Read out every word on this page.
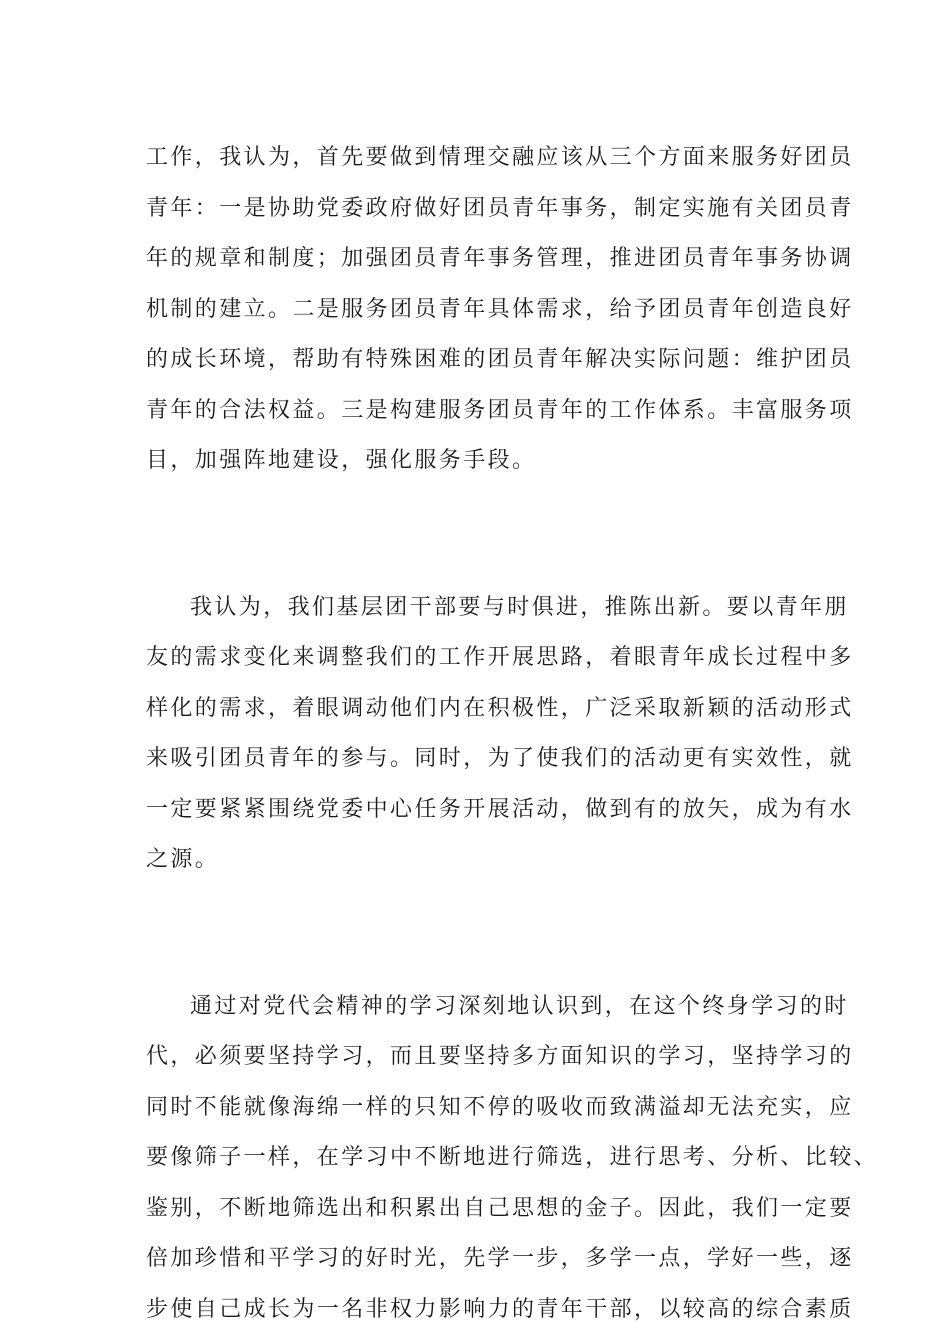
工作，我认为，首先要做到情理交融应该从三个方面来服务好团员
青年：一是协助党委政府做好团员青年事务，制定实施有关团员青
年的规章和制度；加强团员青年事务管理，推进团员青年事务协调
机制的建立。二是服务团员青年具体需求，给予团员青年创造良好
的成长环境，帮助有特殊困难的团员青年解决实际问题：维护团员
青年的合法权益。三是构建服务团员青年的工作体系。丰富服务项
目，加强阵地建设，强化服务手段。
我认为，我们基层团干部要与时俱进，推陈出新。要以青年朋
友的需求变化来调整我们的工作开展思路，着眼青年成长过程中多
样化的需求，着眼调动他们内在积极性，广泛采取新颖的活动形式
来吸引团员青年的参与。同时，为了使我们的活动更有实效性，就
一定要紧紧围绕党委中心任务开展活动，做到有的放矢，成为有水
之源。
通过对党代会精神的学习深刻地认识到，在这个终身学习的时
代，必须要坚持学习，而且要坚持多方面知识的学习，坚持学习的
同时不能就像海绵一样的只知不停的吸收而致满溢却无法充实，应
要像筛子一样，在学习中不断地进行筛选，进行思考、分析、比较、
鉴别，不断地筛选出和积累出自己思想的金子。因此，我们一定要
倍加珍惜和平学习的好时光，先学一步，多学一点，学好一些，逐
步使自己成长为一名非权力影响力的青年干部，以较高的综合素质
